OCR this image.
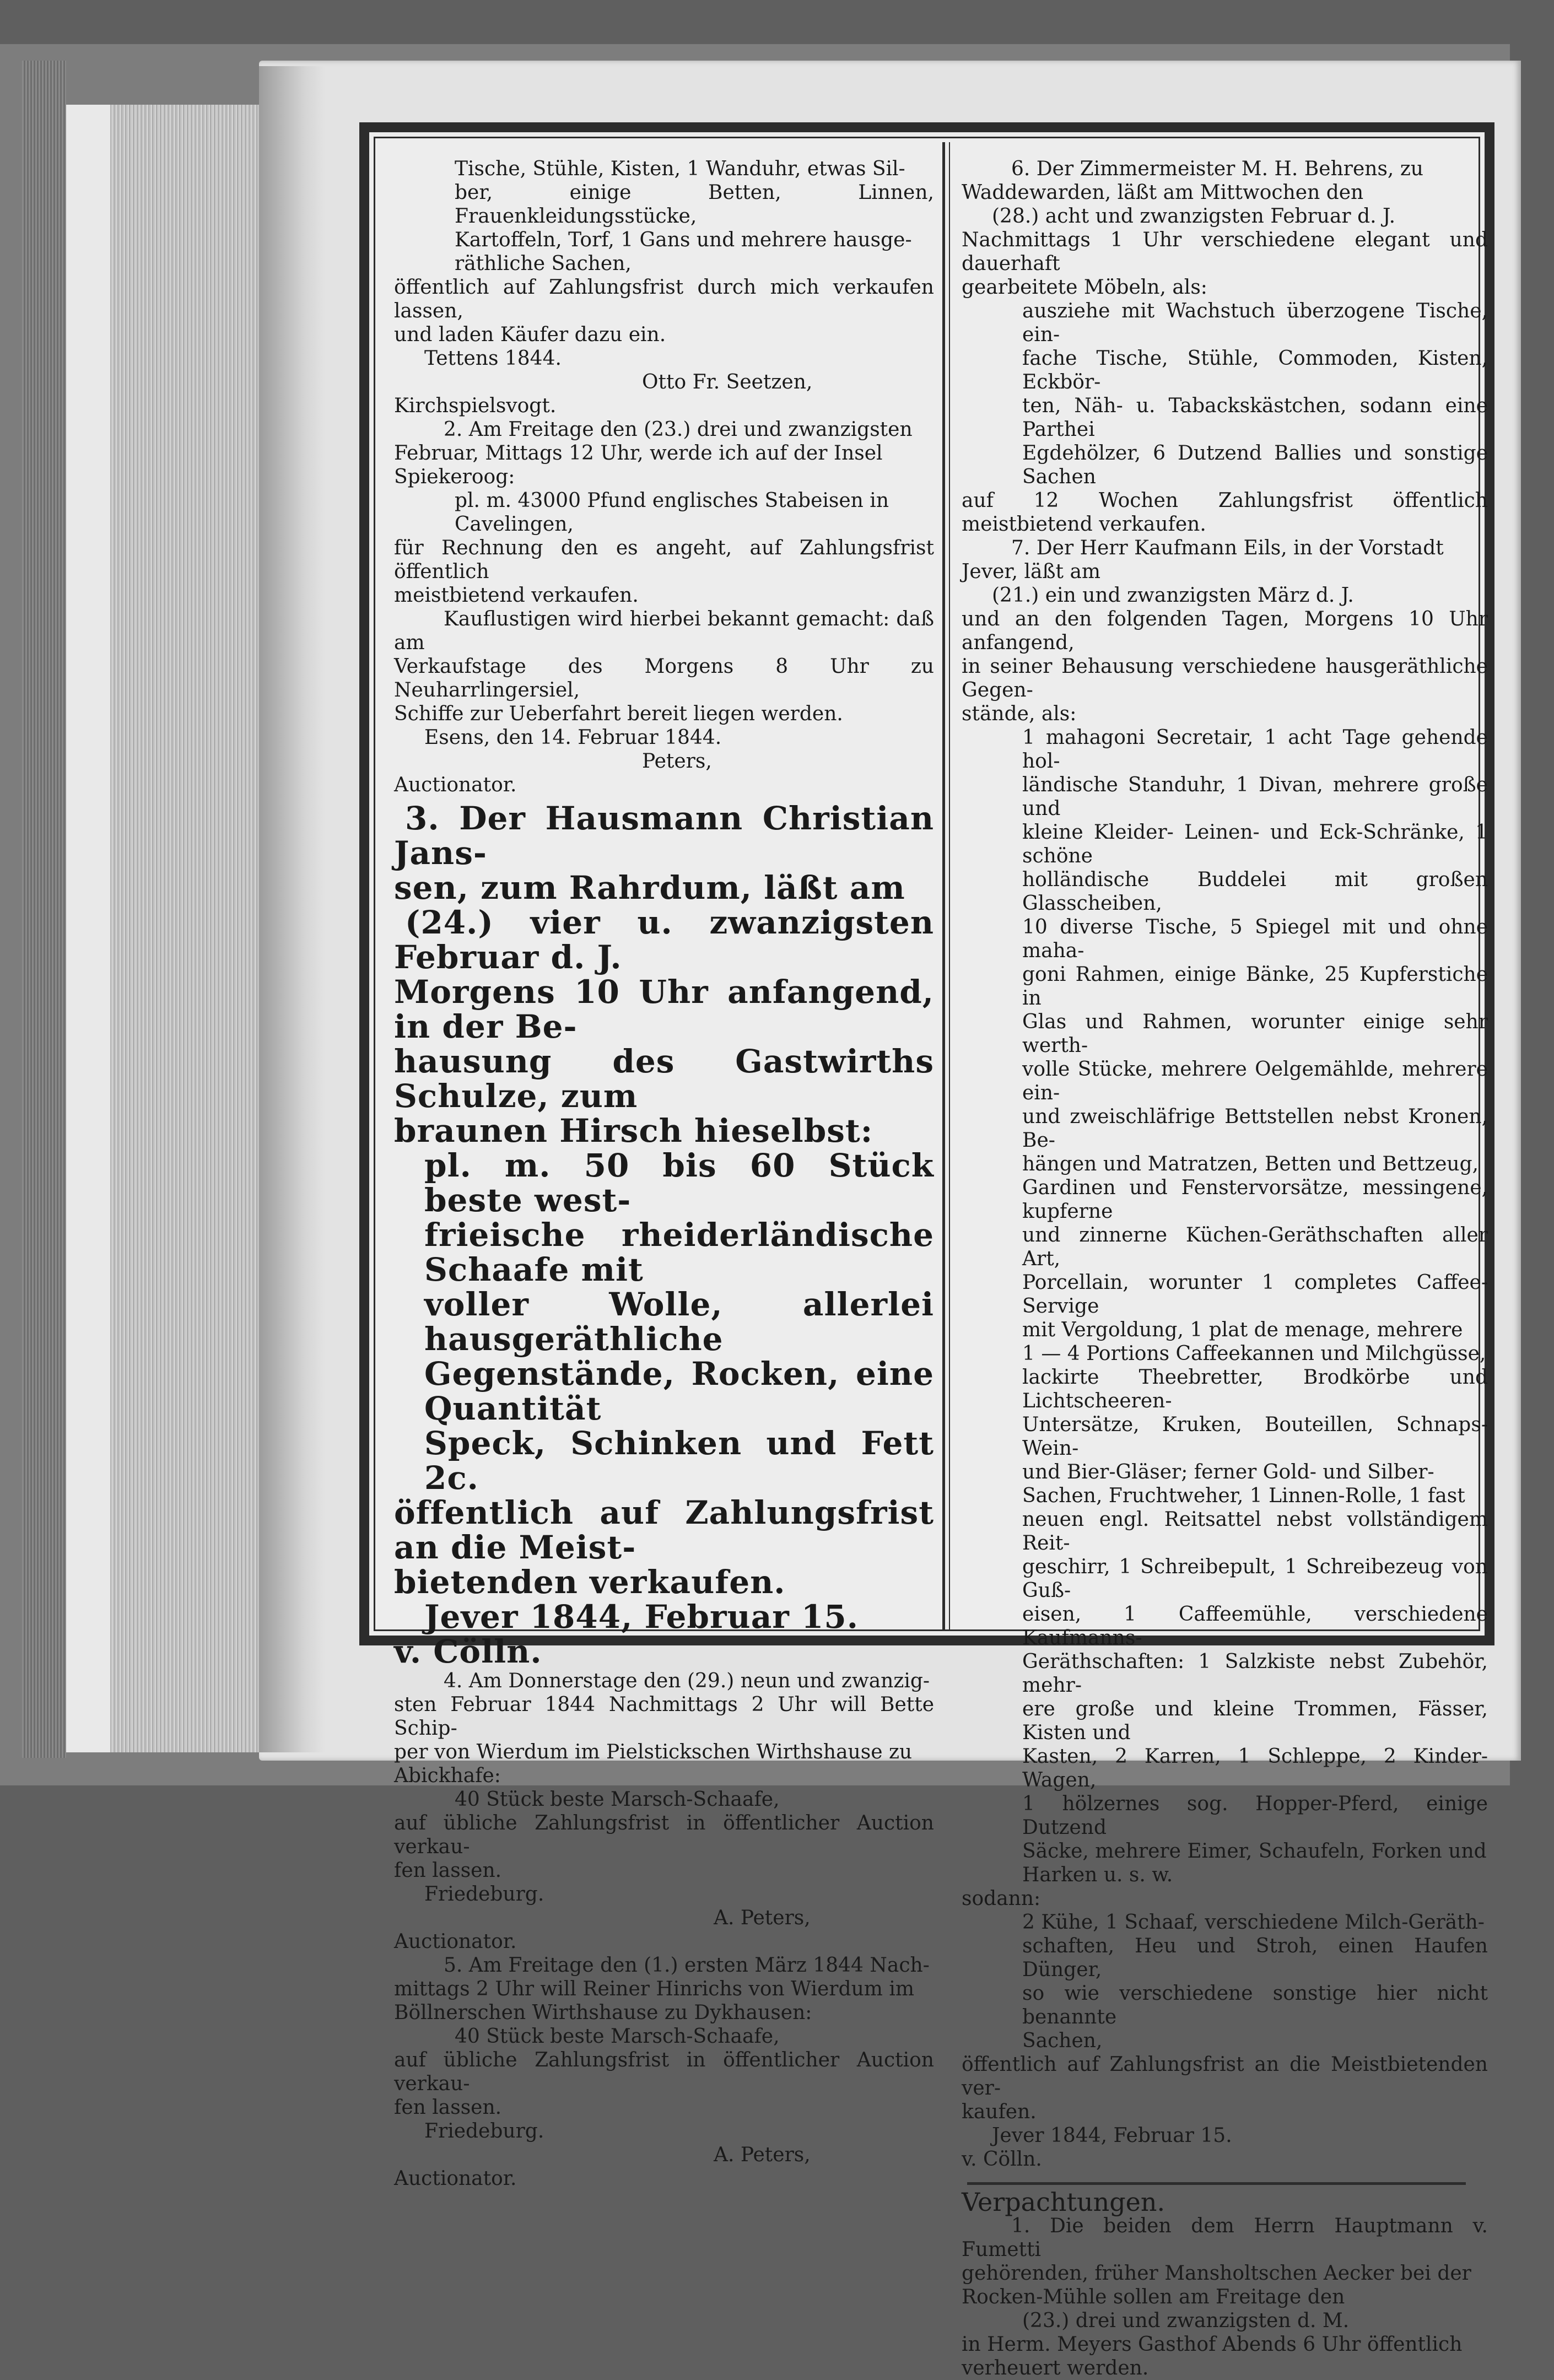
Tische, Stühle, Kisten, 1 Wanduhr, etwas Sil-

ber, einige Betten, Linnen, Frauenkleidungsstücke,

Kartoffeln, Torf, 1 Gans und mehrere hausge-

räthliche Sachen,

öffentlich auf Zahlungsfrist durch mich verkaufen lassen,

und laden Käufer dazu ein.

Tettens 1844.

Otto Fr. Seetzen,

Kirchspielsvogt.

2. Am Freitage den (23.) drei und zwanzigsten

Februar, Mittags 12 Uhr, werde ich auf der Insel

Spiekeroog:

pl. m. 43000 Pfund englisches Stabeisen in

Cavelingen,

für Rechnung den es angeht, auf Zahlungsfrist öffentlich

meistbietend verkaufen.

Kauflustigen wird hierbei bekannt gemacht: daß am

Verkaufstage des Morgens 8 Uhr zu Neuharrlingersiel,

Schiffe zur Ueberfahrt bereit liegen werden.

Esens, den 14. Februar 1844.

Peters,

Auctionator.

3. Der Hausmann Christian Jans-

sen, zum Rahrdum, läßt am

(24.) vier u. zwanzigsten Februar d. J.

Morgens 10 Uhr anfangend, in der Be-

hausung des Gastwirths Schulze, zum

braunen Hirsch hieselbst:

pl. m. 50 bis 60 Stück beste west-

frieische rheiderländische Schaafe mit

voller Wolle, allerlei hausgeräthliche

Gegenstände, Rocken, eine Quantität

Speck, Schinken und Fett 2c.

öffentlich auf Zahlungsfrist an die Meist-

bietenden verkaufen.

Jever 1844, Februar 15.

v. Cölln.

4. Am Donnerstage den (29.) neun und zwanzig-

sten Februar 1844 Nachmittags 2 Uhr will Bette Schip-

per von Wierdum im Pielstickschen Wirthshause zu

Abickhafe:

40 Stück beste Marsch-Schaafe,

auf übliche Zahlungsfrist in öffentlicher Auction verkau-

fen lassen.

Friedeburg.

A. Peters,

Auctionator.

5. Am Freitage den (1.) ersten März 1844 Nach-

mittags 2 Uhr will Reiner Hinrichs von Wierdum im

Böllnerschen Wirthshause zu Dykhausen:

40 Stück beste Marsch-Schaafe,

auf übliche Zahlungsfrist in öffentlicher Auction verkau-

fen lassen.

Friedeburg.

A. Peters,

Auctionator.

6. Der Zimmermeister M. H. Behrens, zu

Waddewarden, läßt am Mittwochen den

(28.) acht und zwanzigsten Februar d. J.

Nachmittags 1 Uhr verschiedene elegant und dauerhaft

gearbeitete Möbeln, als:

ausziehe mit Wachstuch überzogene Tische, ein-

fache Tische, Stühle, Commoden, Kisten, Eckbör-

ten, Näh- u. Tabackskästchen, sodann eine Parthei

Egdehölzer, 6 Dutzend Ballies und sonstige Sachen

auf 12 Wochen Zahlungsfrist öffentlich meistbietend verkaufen.

7. Der Herr Kaufmann Eils, in der Vorstadt

Jever, läßt am

(21.) ein und zwanzigsten März d. J.

und an den folgenden Tagen, Morgens 10 Uhr anfangend,

in seiner Behausung verschiedene hausgeräthliche Gegen-

stände, als:

1 mahagoni Secretair, 1 acht Tage gehende hol-

ländische Standuhr, 1 Divan, mehrere große und

kleine Kleider- Leinen- und Eck-Schränke, 1 schöne

holländische Buddelei mit großen Glasscheiben,

10 diverse Tische, 5 Spiegel mit und ohne maha-

goni Rahmen, einige Bänke, 25 Kupferstiche in

Glas und Rahmen, worunter einige sehr werth-

volle Stücke, mehrere Oelgemählde, mehrere ein-

und zweischläfrige Bettstellen nebst Kronen, Be-

hängen und Matratzen, Betten und Bettzeug,

Gardinen und Fenstervorsätze, messingene, kupferne

und zinnerne Küchen-Geräthschaften aller Art,

Porcellain, worunter 1 completes Caffee-Servige

mit Vergoldung, 1 plat de menage, mehrere

1 — 4 Portions Caffeekannen und Milchgüsse,

lackirte Theebretter, Brodkörbe und Lichtscheeren-

Untersätze, Kruken, Bouteillen, Schnaps- Wein-

und Bier-Gläser; ferner Gold- und Silber-

Sachen, Fruchtweher, 1 Linnen-Rolle, 1 fast

neuen engl. Reitsattel nebst vollständigem Reit-

geschirr, 1 Schreibepult, 1 Schreibezeug von Guß-

eisen, 1 Caffeemühle, verschiedene Kaufmanns-

Geräthschaften: 1 Salzkiste nebst Zubehör, mehr-

ere große und kleine Trommen, Fässer, Kisten und

Kasten, 2 Karren, 1 Schleppe, 2 Kinder-Wagen,

1 hölzernes sog. Hopper-Pferd, einige Dutzend

Säcke, mehrere Eimer, Schaufeln, Forken und

Harken u. s. w.

sodann:

2 Kühe, 1 Schaaf, verschiedene Milch-Geräth-

schaften, Heu und Stroh, einen Haufen Dünger,

so wie verschiedene sonstige hier nicht benannte

Sachen,

öffentlich auf Zahlungsfrist an die Meistbietenden ver-

kaufen.

Jever 1844, Februar 15.

v. Cölln.

Verpachtungen.

1. Die beiden dem Herrn Hauptmann v. Fumetti

gehörenden, früher Mansholtschen Aecker bei der

Rocken-Mühle sollen am Freitage den

(23.) drei und zwanzigsten d. M.

in Herm. Meyers Gasthof Abends 6 Uhr öffentlich

verheuert werden.
